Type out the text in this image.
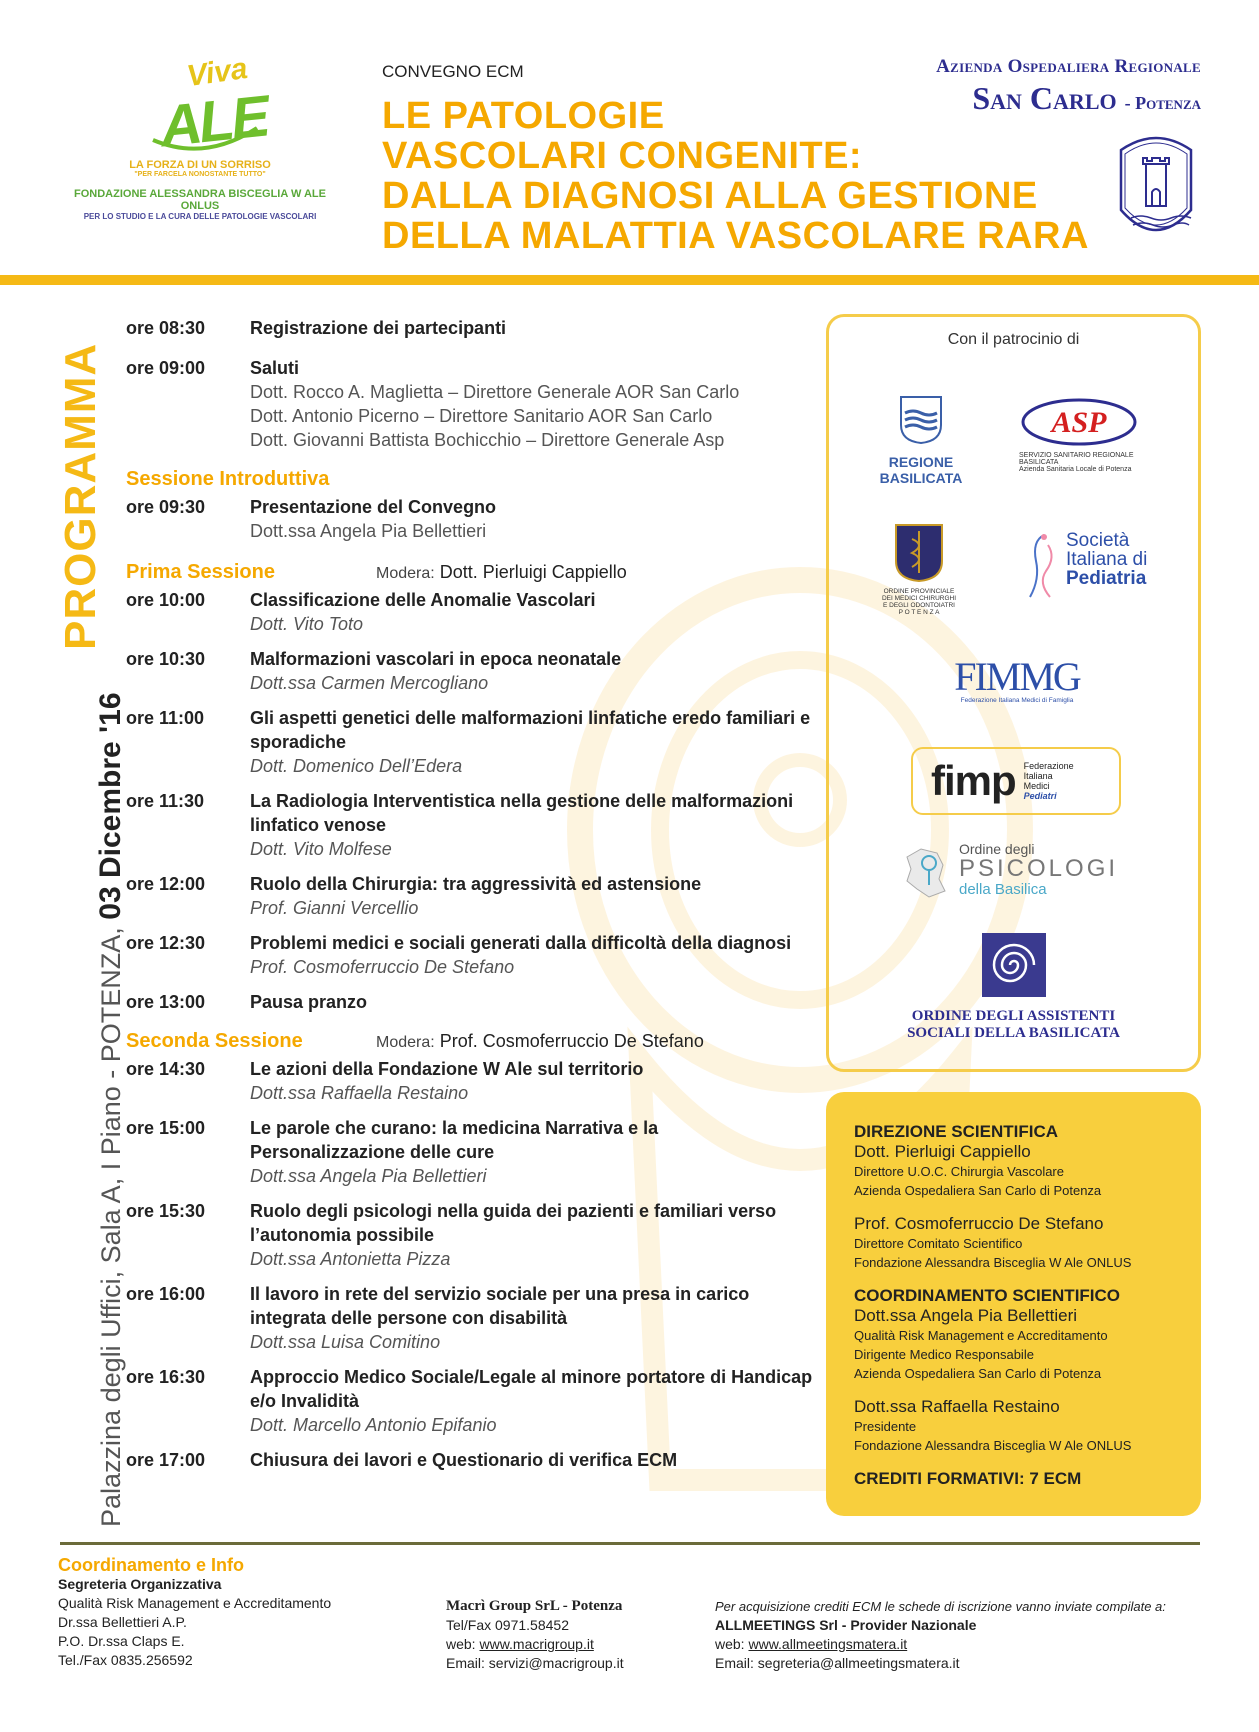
Viva
ALE
LA FORZA DI UN SORRISO
"PER FARCELA NONOSTANTE TUTTO"
FONDAZIONE ALESSANDRA BISCEGLIA W ALE ONLUS
PER LO STUDIO E LA CURA DELLE PATOLOGIE VASCOLARI
CONVEGNO ECM
LE PATOLOGIE
VASCOLARI CONGENITE:
DALLA DIAGNOSI ALLA GESTIONE
DELLA MALATTIA VASCOLARE RARA
Azienda Ospedaliera Regionale
San Carlo - Potenza
PROGRAMMA
Palazzina degli Uffici, Sala A, I Piano - POTENZA, 03 Dicembre '16
ore 08:30	Registrazione dei partecipanti
ore 09:00	Saluti
Dott. Rocco A. Maglietta – Direttore Generale AOR San Carlo
Dott. Antonio Picerno – Direttore Sanitario AOR San Carlo
Dott. Giovanni Battista Bochicchio – Direttore Generale Asp
Sessione Introduttiva
ore 09:30	Presentazione del Convegno
Dott.ssa Angela Pia Bellettieri
Prima Sessione	Modera: Dott. Pierluigi Cappiello
ore 10:00	Classificazione delle Anomalie Vascolari
Dott. Vito Toto
ore 10:30	Malformazioni vascolari in epoca neonatale
Dott.ssa Carmen Mercogliano
ore 11:00	Gli aspetti genetici delle malformazioni linfatiche eredo familiari e sporadiche
Dott. Domenico Dell’Edera
ore 11:30	La Radiologia Interventistica nella gestione delle malformazioni linfatico venose
Dott. Vito Molfese
ore 12:00	Ruolo della Chirurgia: tra aggressività ed astensione
Prof. Gianni Vercellio
ore 12:30	Problemi medici e sociali generati dalla difficoltà della diagnosi
Prof. Cosmoferruccio De Stefano
ore 13:00	Pausa pranzo
Seconda Sessione	Modera: Prof. Cosmoferruccio De Stefano
ore 14:30	Le azioni della Fondazione W Ale sul territorio
Dott.ssa Raffaella Restaino
ore 15:00	Le parole che curano: la medicina Narrativa e la Personalizzazione delle cure
Dott.ssa Angela Pia Bellettieri
ore 15:30	Ruolo degli psicologi nella guida dei pazienti e familiari verso l’autonomia possibile
Dott.ssa Antonietta Pizza
ore 16:00	Il lavoro in rete del servizio sociale per una presa in carico integrata delle persone con disabilità
Dott.ssa Luisa Comitino
ore 16:30	Approccio Medico Sociale/Legale al minore portatore di Handicap e/o Invalidità
Dott. Marcello Antonio Epifanio
ore 17:00	Chiusura dei lavori e Questionario di verifica ECM
Con il patrocinio di
REGIONE
BASILICATA
ASP
SERVIZIO SANITARIO REGIONALE
BASILICATA
Azienda Sanitaria Locale di Potenza
ORDINE PROVINCIALE
DEI MEDICI CHIRURGHI
E DEGLI ODONTOIATRI
P O T E N Z A
Società
Italiana di
Pediatria
FIMMG
Federazione Italiana Medici di Famiglia
fimp Federazione
Italiana
Medici
Pediatri
Ordine degli
PSICOLOGI
della Basilica
ORDINE DEGLI ASSISTENTI
SOCIALI DELLA BASILICATA
DIREZIONE SCIENTIFICA
Dott. Pierluigi Cappiello
Direttore U.O.C. Chirurgia Vascolare
Azienda Ospedaliera San Carlo di Potenza
Prof. Cosmoferruccio De Stefano
Direttore Comitato Scientifico
Fondazione Alessandra Bisceglia W Ale ONLUS
COORDINAMENTO SCIENTIFICO
Dott.ssa Angela Pia Bellettieri
Qualità Risk Management e Accreditamento
Dirigente Medico Responsabile
Azienda Ospedaliera San Carlo di Potenza
Dott.ssa Raffaella Restaino
Presidente
Fondazione Alessandra Bisceglia W Ale ONLUS
CREDITI FORMATIVI: 7 ECM
Coordinamento e Info
Segreteria Organizzativa
Qualità Risk Management e Accreditamento
Dr.ssa Bellettieri A.P.
P.O. Dr.ssa Claps E.
Tel./Fax 0835.256592
Macrì Group SrL - Potenza
Tel/Fax 0971.58452
web: www.macrigroup.it
Email: servizi@macrigroup.it
Per acquisizione crediti ECM le schede di iscrizione vanno inviate compilate a:
ALLMEETINGS Srl - Provider Nazionale
web: www.allmeetingsmatera.it
Email: segreteria@allmeetingsmatera.it
